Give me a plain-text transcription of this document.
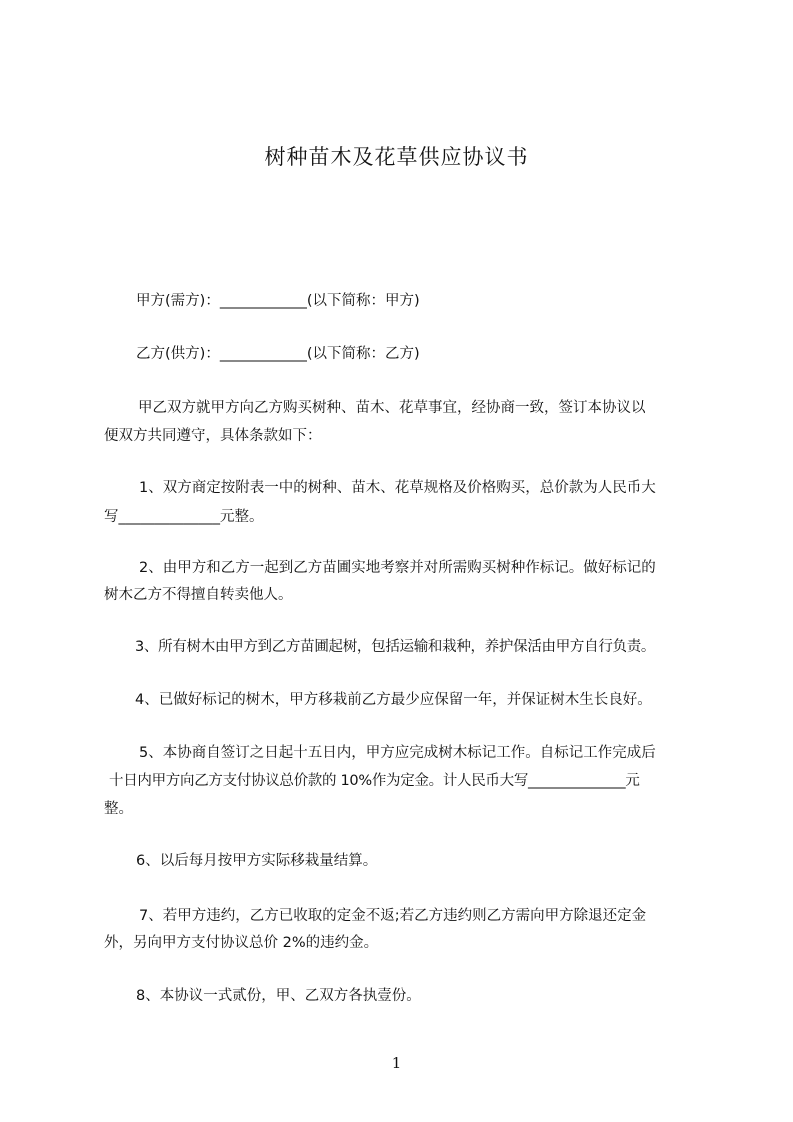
树种苗木及花草供应协议书
甲方(需方)：____________(以下简称：甲方)
乙方(供方)：____________(以下简称：乙方)
甲乙双方就甲方向乙方购买树种、苗木、花草事宜，经协商一致，签订本协议以
便双方共同遵守，具体条款如下：
1、双方商定按附表一中的树种、苗木、花草规格及价格购买，总价款为人民币大
写______________元整。
2、由甲方和乙方一起到乙方苗圃实地考察并对所需购买树种作标记。做好标记的
树木乙方不得擅自转卖他人。
3、所有树木由甲方到乙方苗圃起树，包括运输和栽种，养护保活由甲方自行负责。
4、已做好标记的树木，甲方移栽前乙方最少应保留一年，并保证树木生长良好。
5、本协商自签订之日起十五日内，甲方应完成树木标记工作。自标记工作完成后
十日内甲方向乙方支付协议总价款的 10%作为定金。计人民币大写______________元
整。
6、以后每月按甲方实际移栽量结算。
7、若甲方违约，乙方已收取的定金不返;若乙方违约则乙方需向甲方除退还定金
外，另向甲方支付协议总价 2%的违约金。
8、本协议一式贰份，甲、乙双方各执壹份。
1
